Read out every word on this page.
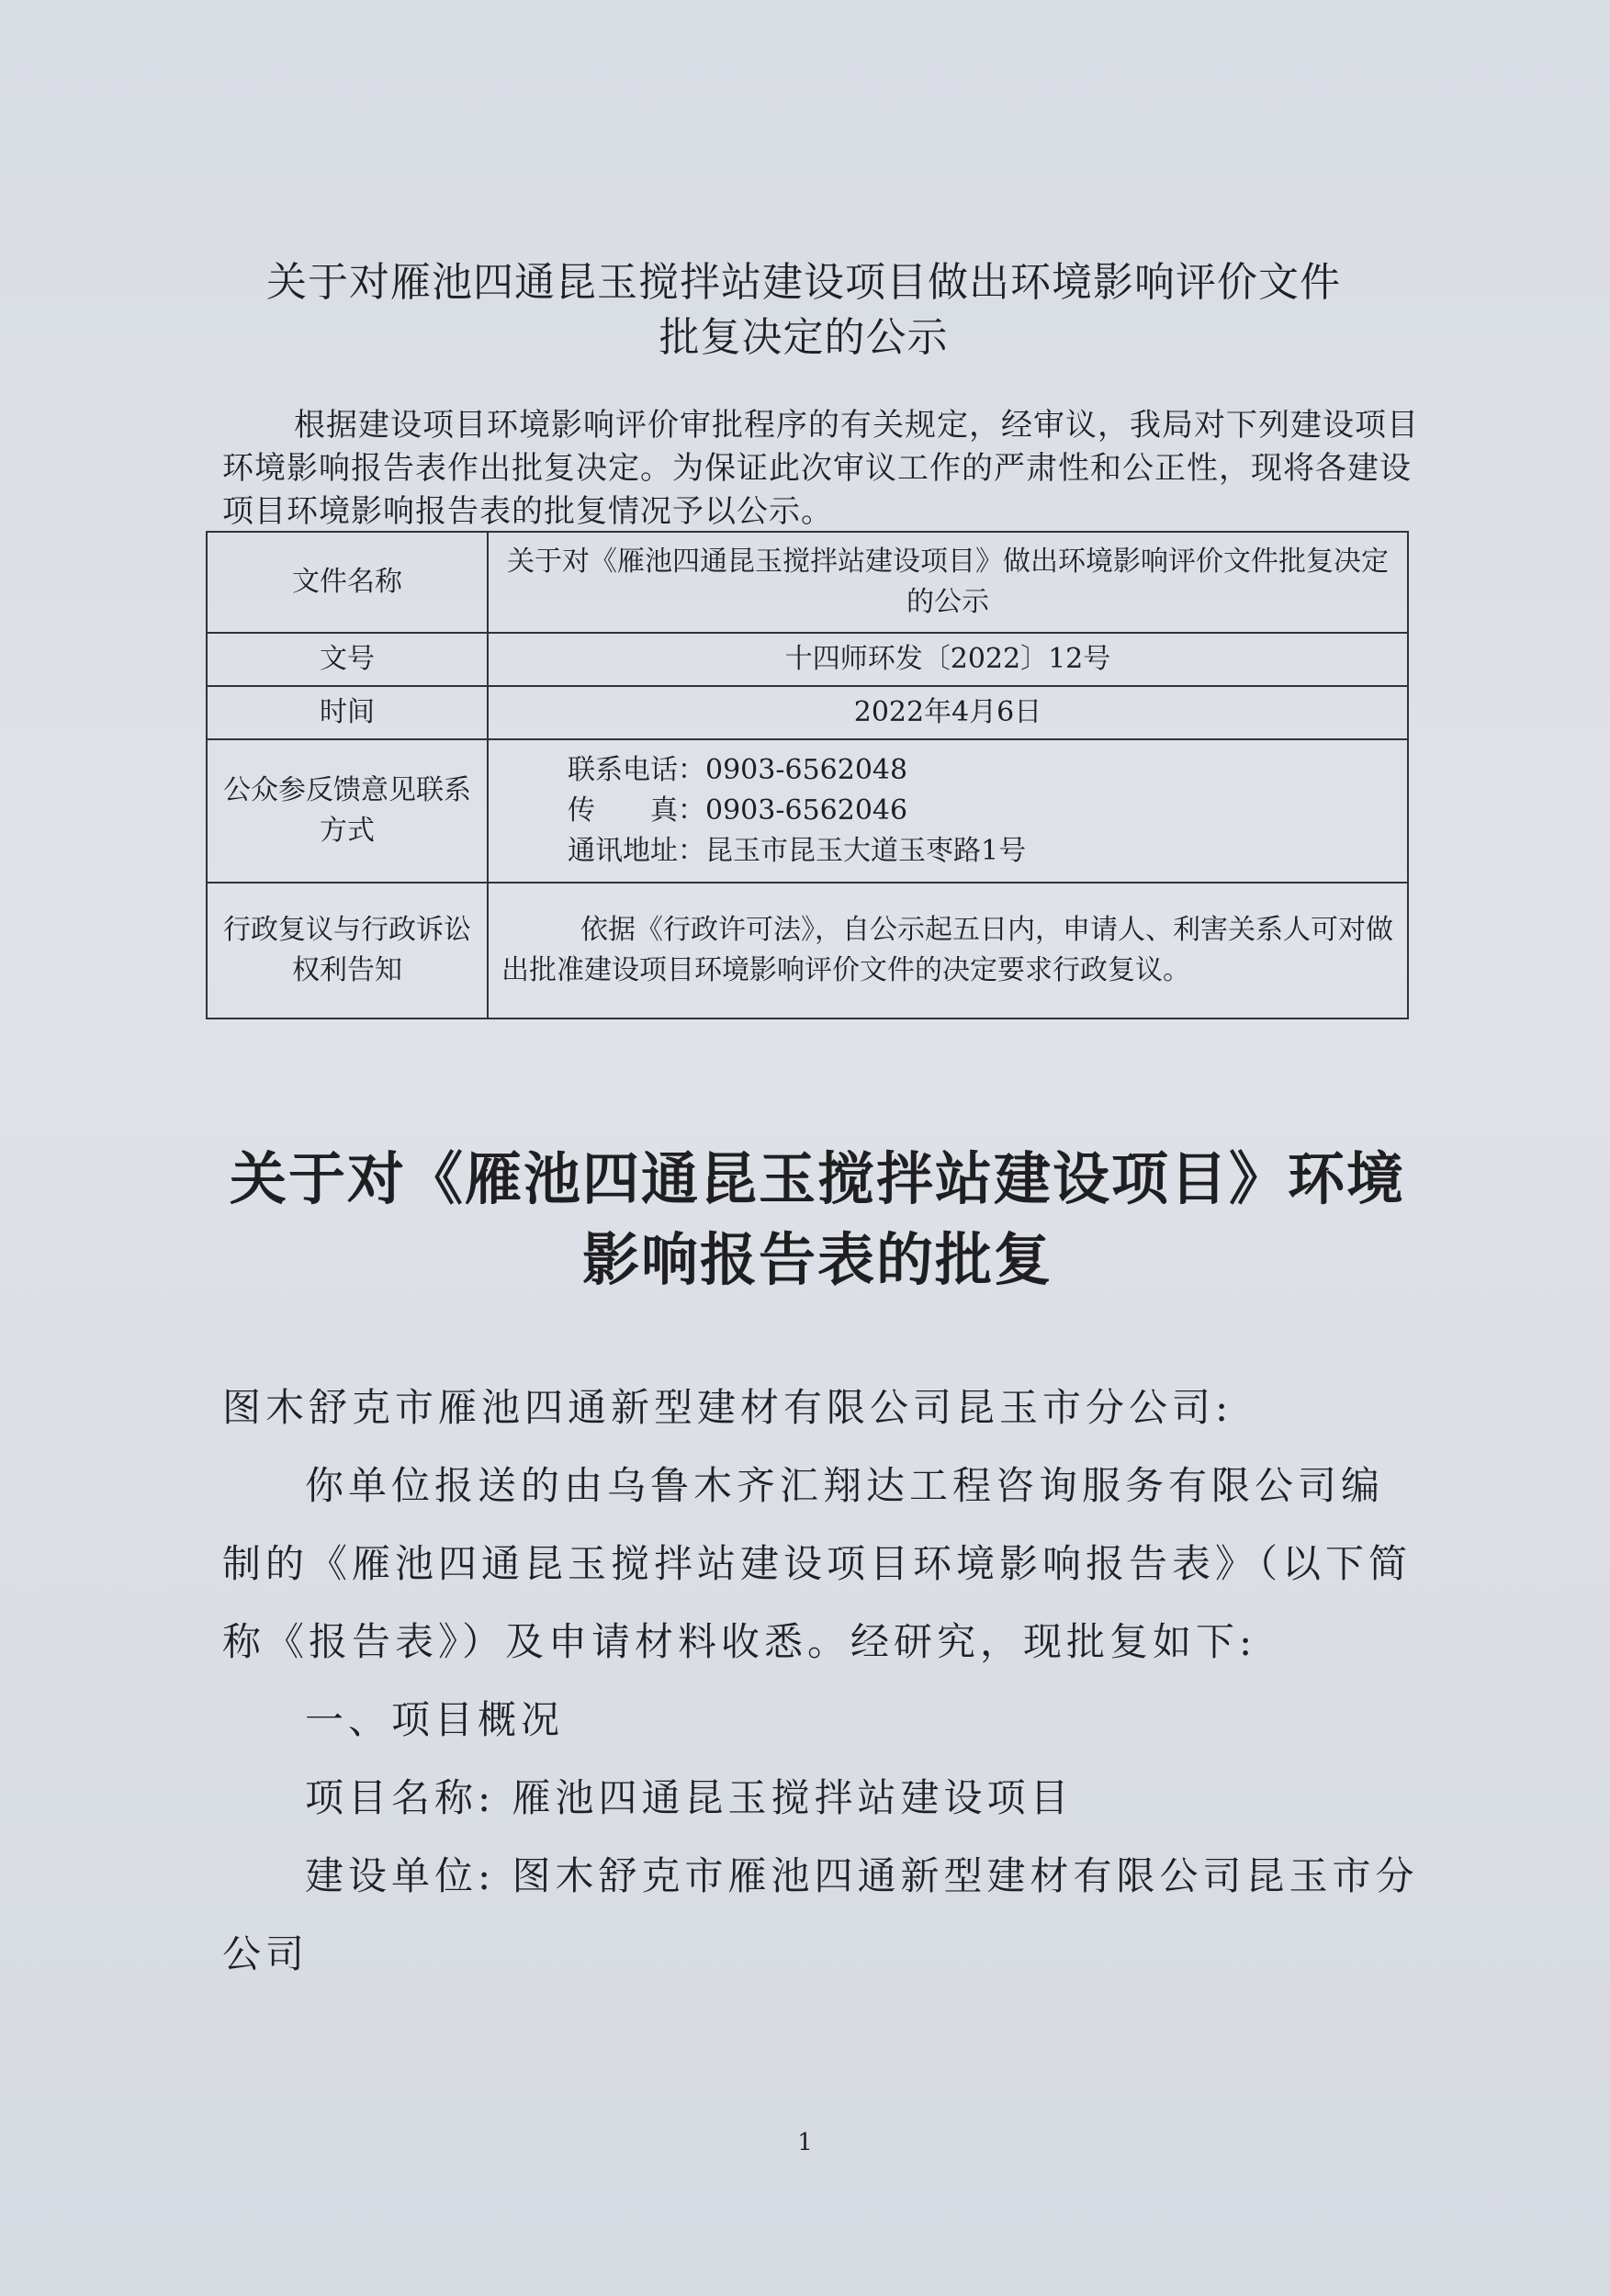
关于对雁池四通昆玉搅拌站建设项目做出环境影响评价文件
批复决定的公示
根据建设项目环境影响评价审批程序的有关规定，经审议，我局对下列建设项目环境影响报告表作出批复决定。为保证此次审议工作的严肃性和公正性，现将各建设项目环境影响报告表的批复情况予以公示。
文件名称	关于对《雁池四通昆玉搅拌站建设项目》做出环境影响评价文件批复决定的公示
文号	十四师环发〔2022〕12号
时间	2022年4月6日
公众参反馈意见联系方式	联系电话：0903-6562048
传　　真：0903-6562046
通讯地址：昆玉市昆玉大道玉枣路1号

行政复议与行政诉讼权利告知	依据《行政许可法》，自公示起五日内，申请人、利害关系人可对做出批准建设项目环境影响评价文件的决定要求行政复议。
关于对《雁池四通昆玉搅拌站建设项目》环境
影响报告表的批复

图木舒克市雁池四通新型建材有限公司昆玉市分公司:

你单位报送的由乌鲁木齐汇翔达工程咨询服务有限公司编制的《雁池四通昆玉搅拌站建设项目环境影响报告表》（以下简称《报告表》）及申请材料收悉。经研究，现批复如下:

一、项目概况

项目名称: 雁池四通昆玉搅拌站建设项目

建设单位: 图木舒克市雁池四通新型建材有限公司昆玉市分公司

1
